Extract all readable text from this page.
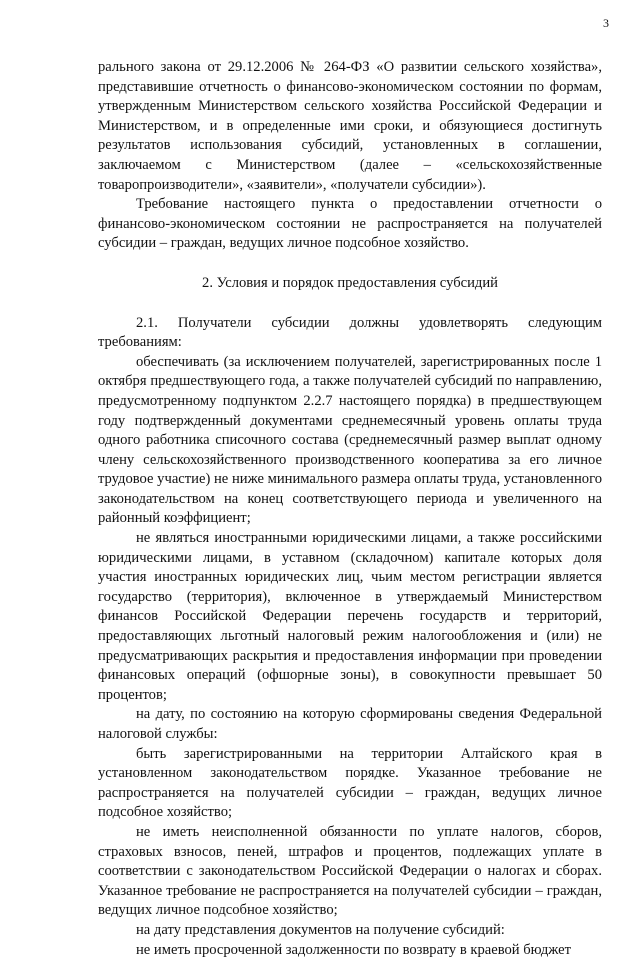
3

рального закона от 29.12.2006 № 264-ФЗ «О развитии сельского хозяйства», представившие отчетность о финансово-экономическом состоянии по формам, утвержденным Министерством сельского хозяйства Российской Федерации и Министерством, и в определенные ими сроки, и обязующиеся достигнуть результатов использования субсидий, установленных в соглашении, заключаемом с Министерством (далее – «сельскохозяйственные товаропроизводители», «заявители», «получатели субсидии»).

Требование настоящего пункта о предоставлении отчетности о финансово-экономическом состоянии не распространяется на получателей субсидии – граждан, ведущих личное подсобное хозяйство.

2. Условия и порядок предоставления субсидий

2.1. Получатели субсидии должны удовлетворять следующим требованиям:

обеспечивать (за исключением получателей, зарегистрированных после 1 октября предшествующего года, а также получателей субсидий по направлению, предусмотренному подпунктом 2.2.7 настоящего порядка) в предшествующем году подтвержденный документами среднемесячный уровень оплаты труда одного работника списочного состава (среднемесячный размер выплат одному члену сельскохозяйственного производственного кооператива за его личное трудовое участие) не ниже минимального размера оплаты труда, установленного законодательством на конец соответствующего периода и увеличенного на районный коэффициент;

не являться иностранными юридическими лицами, а также российскими юридическими лицами, в уставном (складочном) капитале которых доля участия иностранных юридических лиц, чьим местом регистрации является государство (территория), включенное в утверждаемый Министерством финансов Российской Федерации перечень государств и территорий, предоставляющих льготный налоговый режим налогообложения и (или) не предусматривающих раскрытия и предоставления информации при проведении финансовых операций (офшорные зоны), в совокупности превышает 50 процентов;

на дату, по состоянию на которую сформированы сведения Федеральной налоговой службы:

быть зарегистрированными на территории Алтайского края в установленном законодательством порядке. Указанное требование не распространяется на получателей субсидии – граждан, ведущих личное подсобное хозяйство;

не иметь неисполненной обязанности по уплате налогов, сборов, страховых взносов, пеней, штрафов и процентов, подлежащих уплате в соответствии с законодательством Российской Федерации о налогах и сборах. Указанное требование не распространяется на получателей субсидии – граждан, ведущих личное подсобное хозяйство;

на дату представления документов на получение субсидий:

не иметь просроченной задолженности по возврату в краевой бюджет
